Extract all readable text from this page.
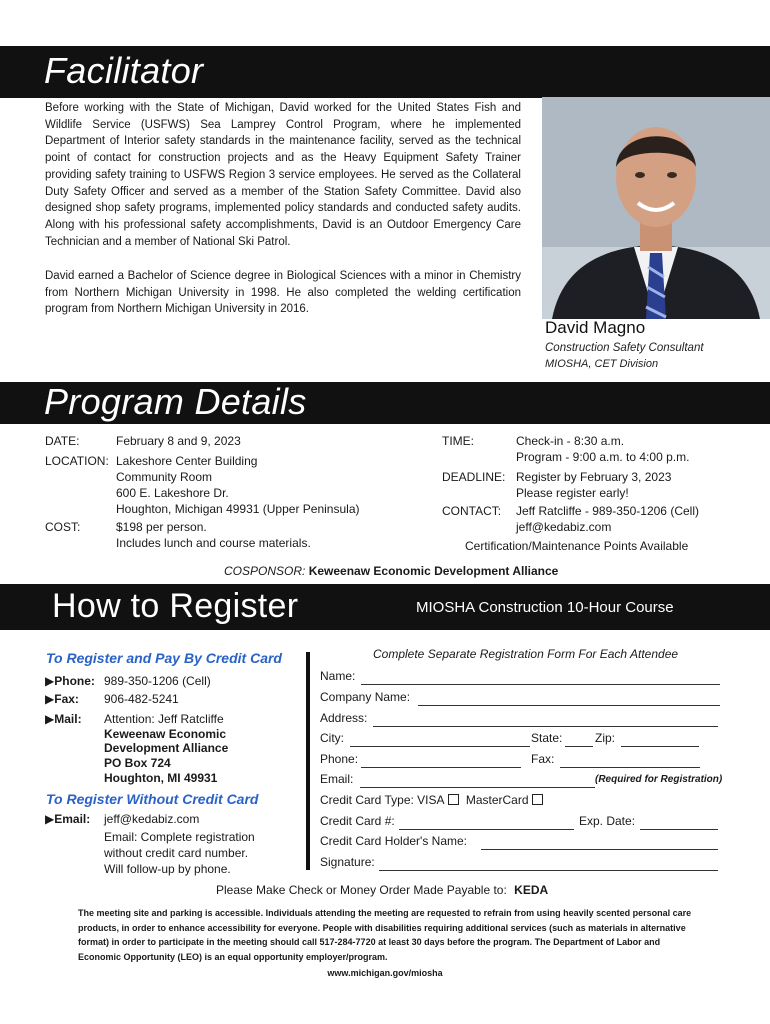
Facilitator

Before working with the State of Michigan, David worked for the United States Fish and Wildlife Service (USFWS) Sea Lamprey Control Program, where he implemented Department of Interior safety standards in the maintenance facility, served as the technical point of contact for construction projects and as the Heavy Equipment Safety Trainer providing safety training to USFWS Region 3 service employees. He served as the Collateral Duty Safety Officer and served as a member of the Station Safety Committee. David also designed shop safety programs, implemented policy standards and conducted safety audits. Along with his professional safety accomplishments, David is an Outdoor Emergency Care Technician and a member of National Ski Patrol.

David earned a Bachelor of Science degree in Biological Sciences with a minor in Chemistry from Northern Michigan University in 1998. He also completed the welding certification program from Northern Michigan University in 2016.

David Magno
Construction Safety Consultant
MIOSHA, CET Division
Program Details
DATE:	February 8 and 9, 2023
LOCATION: Lakeshore Center Building
Community Room
600 E. Lakeshore Dr.
Houghton, Michigan 49931 (Upper Peninsula)
COST:	$198 per person.
Includes lunch and course materials.
TIME:	Check-in - 8:30 a.m.
Program - 9:00 a.m. to 4:00 p.m.
DEADLINE: Register by February 3, 2023
Please register early!
CONTACT: Jeff Ratcliffe - 989-350-1206 (Cell)
jeff@kedabiz.com
Certification/Maintenance Points Available
COSPONSOR: Keweenaw Economic Development Alliance
How to Register	MIOSHA Construction 10-Hour Course
To Register and Pay By Credit Card
▶Phone: 989-350-1206 (Cell)
▶Fax: 906-482-5241
▶Mail: Attention: Jeff Ratcliffe
Keweenaw Economic
Development Alliance
PO Box 724
Houghton, MI 49931
To Register Without Credit Card
▶Email: jeff@kedabiz.com
Email: Complete registration
without credit card number.
Will follow-up by phone.
Complete Separate Registration Form For Each Attendee
Name:
Company Name:
Address:
City:	State:	Zip:
Phone:	Fax:
Email:	(Required for Registration)
Credit Card Type: VISA MasterCard
Credit Card #:	Exp. Date:
Credit Card Holder's Name:
Signature:
Please Make Check or Money Order Made Payable to: KEDA

The meeting site and parking is accessible. Individuals attending the meeting are requested to refrain from using heavily scented personal care products, in order to enhance accessibility for everyone. People with disabilities requiring additional services (such as materials in alternative format) in order to participate in the meeting should call 517-284-7720 at least 30 days before the program. The Department of Labor and Economic Opportunity (LEO) is an equal opportunity employer/program.

www.michigan.gov/miosha
